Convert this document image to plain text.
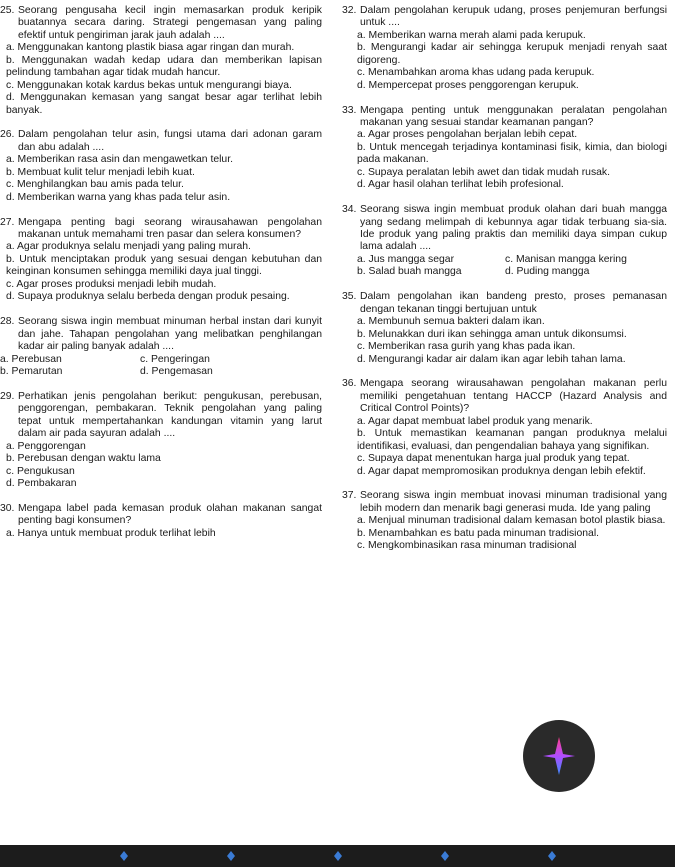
25. Seorang pengusaha kecil ingin memasarkan produk keripik buatannya secara daring. Strategi pengemasan yang paling efektif untuk pengiriman jarak jauh adalah ....
a. Menggunakan kantong plastik biasa agar ringan dan murah.
b. Menggunakan wadah kedap udara dan memberikan lapisan pelindung tambahan agar tidak mudah hancur.
c. Menggunakan kotak kardus bekas untuk mengurangi biaya.
d. Menggunakan kemasan yang sangat besar agar terlihat lebih banyak.
26. Dalam pengolahan telur asin, fungsi utama dari adonan garam dan abu adalah ....
a. Memberikan rasa asin dan mengawetkan telur.
b. Membuat kulit telur menjadi lebih kuat.
c. Menghilangkan bau amis pada telur.
d. Memberikan warna yang khas pada telur asin.
27. Mengapa penting bagi seorang wirausahawan pengolahan makanan untuk memahami tren pasar dan selera konsumen?
a. Agar produknya selalu menjadi yang paling murah.
b. Untuk menciptakan produk yang sesuai dengan kebutuhan dan keinginan konsumen sehingga memiliki daya jual tinggi.
c. Agar proses produksi menjadi lebih mudah.
d. Supaya produknya selalu berbeda dengan produk pesaing.
28. Seorang siswa ingin membuat minuman herbal instan dari kunyit dan jahe. Tahapan pengolahan yang melibatkan penghilangan kadar air paling banyak adalah ....
a. Perebusan	c. Pengeringan
b. Pemarutan	d. Pengemasan
29. Perhatikan jenis pengolahan berikut: pengukusan, perebusan, penggorengan, pembakaran. Teknik pengolahan yang paling tepat untuk mempertahankan kandungan vitamin yang larut dalam air pada sayuran adalah ....
a. Penggorengan
b. Perebusan dengan waktu lama
c. Pengukusan
d. Pembakaran
30. Mengapa label pada kemasan produk olahan makanan sangat penting bagi konsumen?
a. Hanya untuk membuat produk terlihat lebih
32. Dalam pengolahan kerupuk udang, proses penjemuran berfungsi untuk ....
a. Memberikan warna merah alami pada kerupuk.
b. Mengurangi kadar air sehingga kerupuk menjadi renyah saat digoreng.
c. Menambahkan aroma khas udang pada kerupuk.
d. Mempercepat proses penggorengan kerupuk.
33. Mengapa penting untuk menggunakan peralatan pengolahan makanan yang sesuai standar keamanan pangan?
a. Agar proses pengolahan berjalan lebih cepat.
b. Untuk mencegah terjadinya kontaminasi fisik, kimia, dan biologi pada makanan.
c. Supaya peralatan lebih awet dan tidak mudah rusak.
d. Agar hasil olahan terlihat lebih profesional.
34. Seorang siswa ingin membuat produk olahan dari buah mangga yang sedang melimpah di kebunnya agar tidak terbuang sia-sia. Ide produk yang paling praktis dan memiliki daya simpan cukup lama adalah ....
a. Jus mangga segar	c. Manisan mangga kering
b. Salad buah mangga	d. Puding mangga
35. Dalam pengolahan ikan bandeng presto, proses pemanasan dengan tekanan tinggi bertujuan untuk
a. Membunuh semua bakteri dalam ikan.
b. Melunakkan duri ikan sehingga aman untuk dikonsumsi.
c. Memberikan rasa gurih yang khas pada ikan.
d. Mengurangi kadar air dalam ikan agar lebih tahan lama.
36. Mengapa seorang wirausahawan pengolahan makanan perlu memiliki pengetahuan tentang HACCP (Hazard Analysis and Critical Control Points)?
a. Agar dapat membuat label produk yang menarik.
b. Untuk memastikan keamanan pangan produknya melalui identifikasi, evaluasi, dan pengendalian bahaya yang signifikan.
c. Supaya dapat menentukan harga jual produk yang tepat.
d. Agar dapat mempromosikan produknya dengan lebih efektif.
37. Seorang siswa ingin membuat inovasi minuman tradisional yang lebih modern dan menarik bagi generasi muda. Ide yang paling
a. Menjual minuman tradisional dalam kemasan botol plastik biasa.
b. Menambahkan es batu pada minuman tradisional.
c. Mengkombinasikan rasa minuman tradisional
